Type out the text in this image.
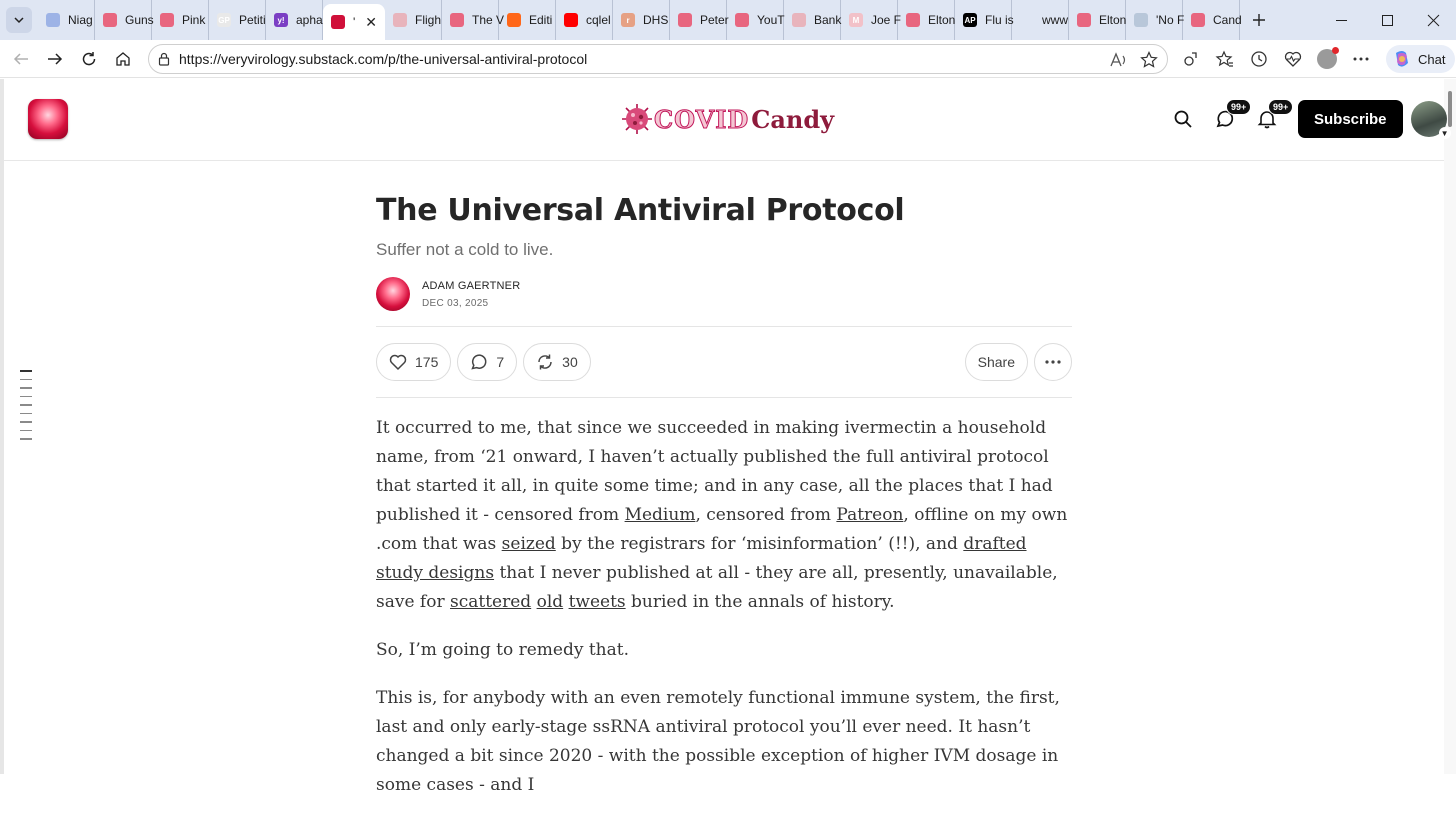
Niag	Guns Pink GP Petiti	y! apha	' ✕	Fligh	The V Editi	cqlel	r	DHS	Peter YouT Bank	M Joe F Elton AP Flu is www	Elton 'No F Cand
https://veryvirology.substack.com/p/the-universal-antiviral-protocol	Chat
COVID Candy	99+	99+
Subscribe
▼
The Universal Antiviral Protocol
Suffer not a cold to live.
ADAM GAERTNER
DEC 03, 2025
175	7	30	Share

It occurred to me, that since we succeeded in making ivermectin a household name, from ‘21 onward, I haven’t actually published the full antiviral protocol that started it all, in quite some time; and in any case, all the places that I had published it - censored from Medium, censored from Patreon, offline on my own .com that was seized by the registrars for ‘misinformation’ (!!), and drafted study designs that I never published at all - they are all, presently, unavailable, save for scattered old tweets buried in the annals of history.

So, I’m going to remedy that.

This is, for anybody with an even remotely functional immune system, the first, last and only early-stage ssRNA antiviral protocol you’ll ever need. It hasn’t changed a bit since 2020 - with the possible exception of higher IVM dosage in some cases - and I
